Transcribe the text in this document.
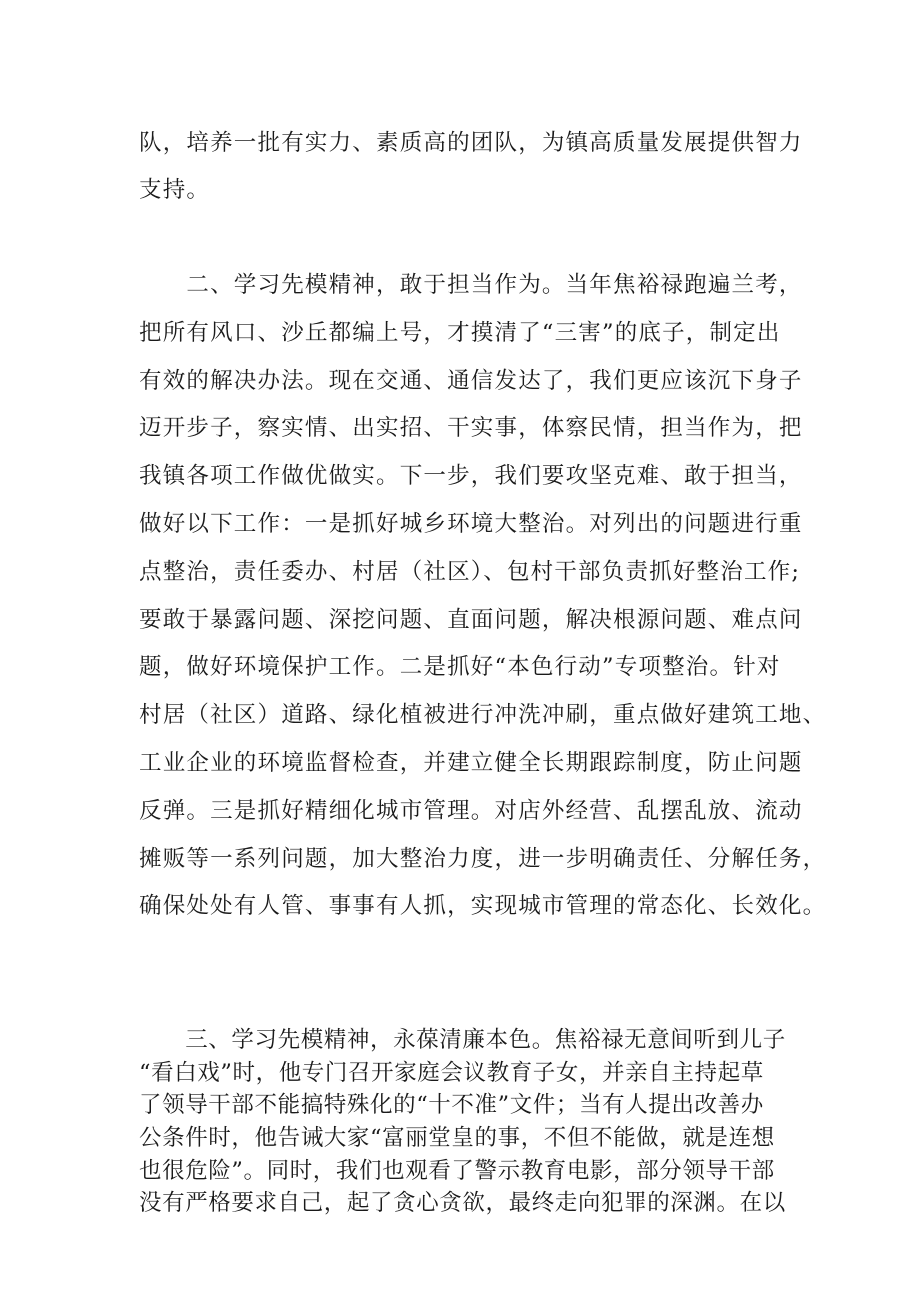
队，培养一批有实力、素质高的团队，为镇高质量发展提供智力
支持。
　　二、学习先模精神，敢于担当作为。当年焦裕禄跑遍兰考，
把所有风口、沙丘都编上号，才摸清了“三害”的底子，制定出
有效的解决办法。现在交通、通信发达了，我们更应该沉下身子
迈开步子，察实情、出实招、干实事，体察民情，担当作为，把
我镇各项工作做优做实。下一步，我们要攻坚克难、敢于担当，
做好以下工作：一是抓好城乡环境大整治。对列出的问题进行重
点整治，责任委办、村居（社区）、包村干部负责抓好整治工作;
要敢于暴露问题、深挖问题、直面问题，解决根源问题、难点问
题，做好环境保护工作。二是抓好“本色行动”专项整治。针对
村居（社区）道路、绿化植被进行冲洗冲刷，重点做好建筑工地、
工业企业的环境监督检查，并建立健全长期跟踪制度，防止问题
反弹。三是抓好精细化城市管理。对店外经营、乱摆乱放、流动
摊贩等一系列问题，加大整治力度，进一步明确责任、分解任务，
确保处处有人管、事事有人抓，实现城市管理的常态化、长效化。
　　三、学习先模精神，永葆清廉本色。焦裕禄无意间听到儿子
“看白戏”时，他专门召开家庭会议教育子女，并亲自主持起草
了领导干部不能搞特殊化的“十不准”文件；当有人提出改善办
公条件时，他告诫大家“富丽堂皇的事，不但不能做，就是连想
也很危险”。同时，我们也观看了警示教育电影，部分领导干部
没有严格要求自己，起了贪心贪欲，最终走向犯罪的深渊。在以
